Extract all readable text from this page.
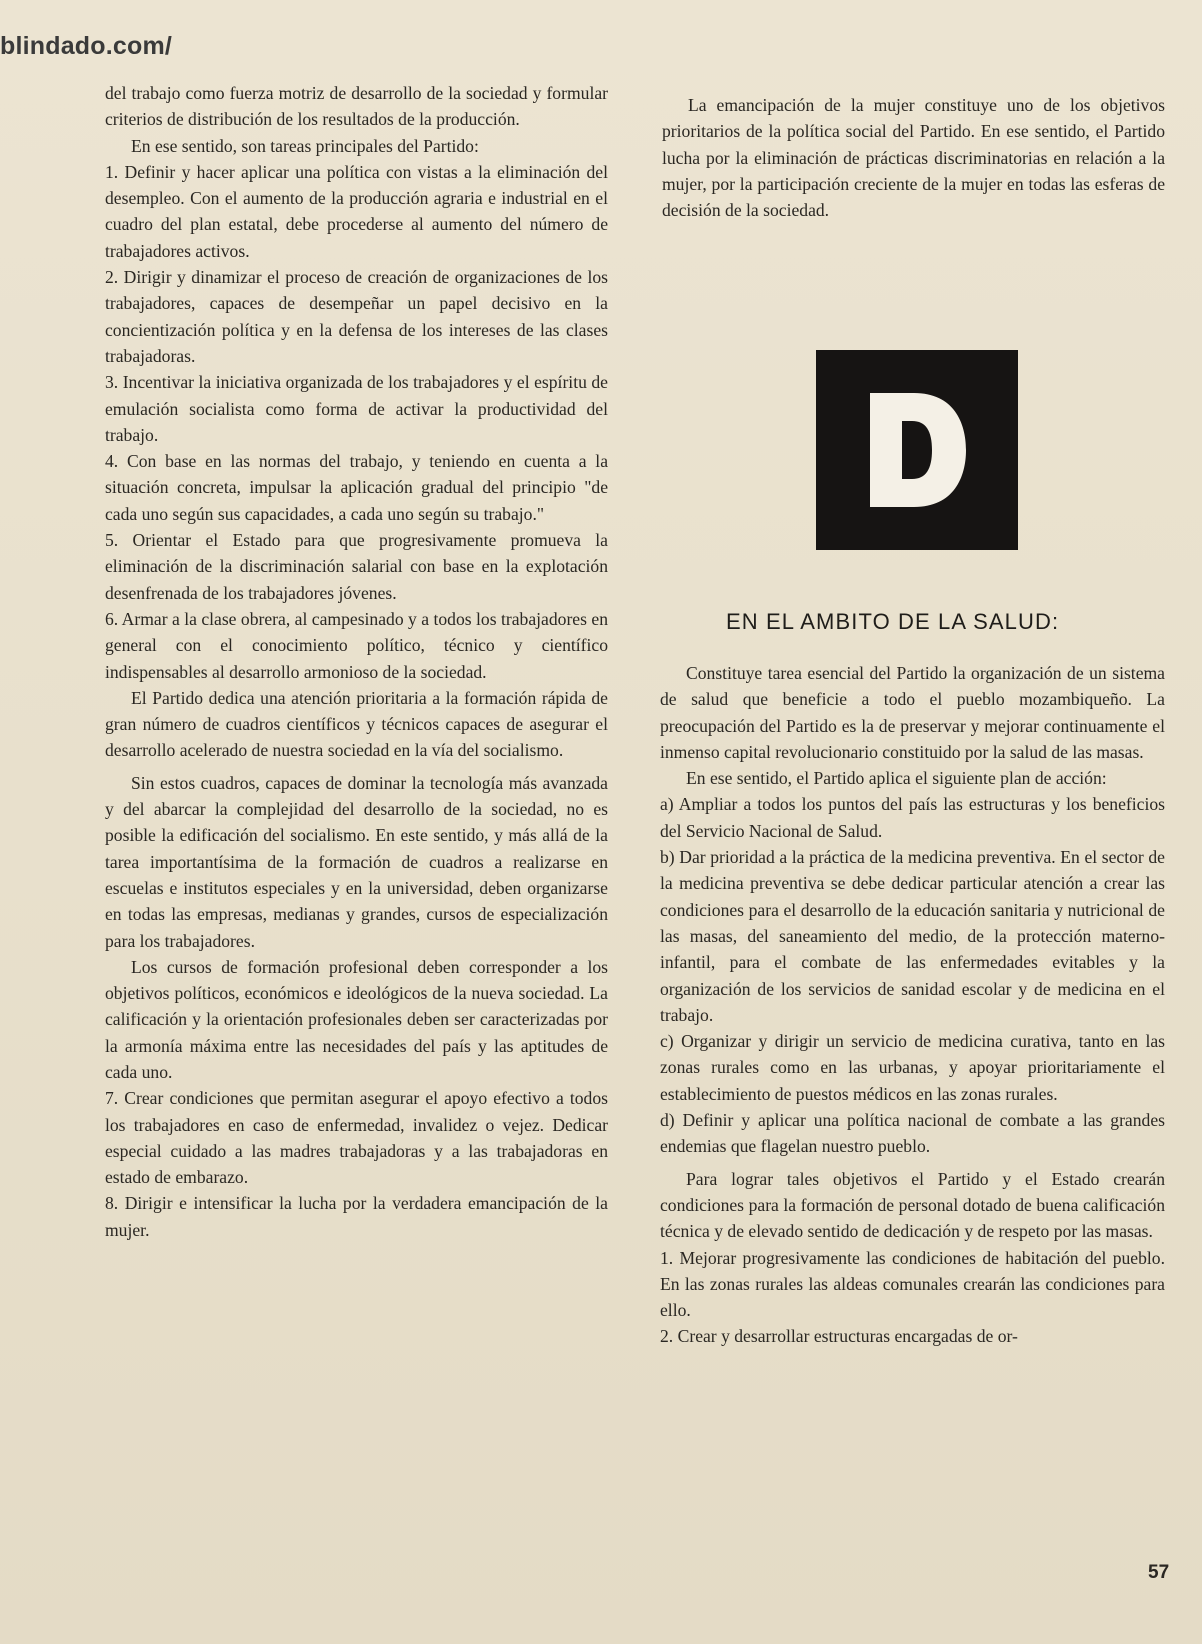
blindado.com/

del trabajo como fuerza motriz de desarrollo de la sociedad y formular criterios de distribución de los resultados de la producción.

En ese sentido, son tareas principales del Partido:

1. Definir y hacer aplicar una política con vistas a la eliminación del desempleo. Con el aumento de la producción agraria e industrial en el cuadro del plan estatal, debe procederse al aumento del número de trabajadores activos.

2. Dirigir y dinamizar el proceso de creación de organizaciones de los trabajadores, capaces de desempeñar un papel decisivo en la concientización política y en la defensa de los intereses de las clases trabajadoras.

3. Incentivar la iniciativa organizada de los trabajadores y el espíritu de emulación socialista como forma de activar la productividad del trabajo.

4. Con base en las normas del trabajo, y teniendo en cuenta a la situación concreta, impulsar la aplicación gradual del principio "de cada uno según sus capacidades, a cada uno según su trabajo."

5. Orientar el Estado para que progresivamente promueva la eliminación de la discriminación salarial con base en la explotación desenfrenada de los trabajadores jóvenes.

6. Armar a la clase obrera, al campesinado y a todos los trabajadores en general con el conocimiento político, técnico y científico indispensables al desarrollo armonioso de la sociedad.

El Partido dedica una atención prioritaria a la formación rápida de gran número de cuadros científicos y técnicos capaces de asegurar el desarrollo acelerado de nuestra sociedad en la vía del socialismo.

Sin estos cuadros, capaces de dominar la tecnología más avanzada y del abarcar la complejidad del desarrollo de la sociedad, no es posible la edificación del socialismo. En este sentido, y más allá de la tarea importantísima de la formación de cuadros a realizarse en escuelas e institutos especiales y en la universidad, deben organizarse en todas las empresas, medianas y grandes, cursos de especialización para los trabajadores.

Los cursos de formación profesional deben corresponder a los objetivos políticos, económicos e ideológicos de la nueva sociedad. La calificación y la orientación profesionales deben ser caracterizadas por la armonía máxima entre las necesidades del país y las aptitudes de cada uno.

7. Crear condiciones que permitan asegurar el apoyo efectivo a todos los trabajadores en caso de enfermedad, invalidez o vejez. Dedicar especial cuidado a las madres trabajadoras y a las trabajadoras en estado de embarazo.

8. Dirigir e intensificar la lucha por la verdadera emancipación de la mujer.

La emancipación de la mujer constituye uno de los objetivos prioritarios de la política social del Partido. En ese sentido, el Partido lucha por la eliminación de prácticas discriminatorias en relación a la mujer, por la participación creciente de la mujer en todas las esferas de decisión de la sociedad.

EN EL AMBITO DE LA SALUD:

Constituye tarea esencial del Partido la organización de un sistema de salud que beneficie a todo el pueblo mozambiqueño. La preocupación del Partido es la de preservar y mejorar continuamente el inmenso capital revolucionario constituido por la salud de las masas.

En ese sentido, el Partido aplica el siguiente plan de acción:

a) Ampliar a todos los puntos del país las estructuras y los beneficios del Servicio Nacional de Salud.

b) Dar prioridad a la práctica de la medicina preventiva. En el sector de la medicina preventiva se debe dedicar particular atención a crear las condiciones para el desarrollo de la educación sanitaria y nutricional de las masas, del saneamiento del medio, de la protección materno-infantil, para el combate de las enfermedades evitables y la organización de los servicios de sanidad escolar y de medicina en el trabajo.

c) Organizar y dirigir un servicio de medicina curativa, tanto en las zonas rurales como en las urbanas, y apoyar prioritariamente el establecimiento de puestos médicos en las zonas rurales.

d) Definir y aplicar una política nacional de combate a las grandes endemias que flagelan nuestro pueblo.

Para lograr tales objetivos el Partido y el Estado crearán condiciones para la formación de personal dotado de buena calificación técnica y de elevado sentido de dedicación y de respeto por las masas.

1. Mejorar progresivamente las condiciones de habitación del pueblo. En las zonas rurales las aldeas comunales crearán las condiciones para ello.

2. Crear y desarrollar estructuras encargadas de or-

57
